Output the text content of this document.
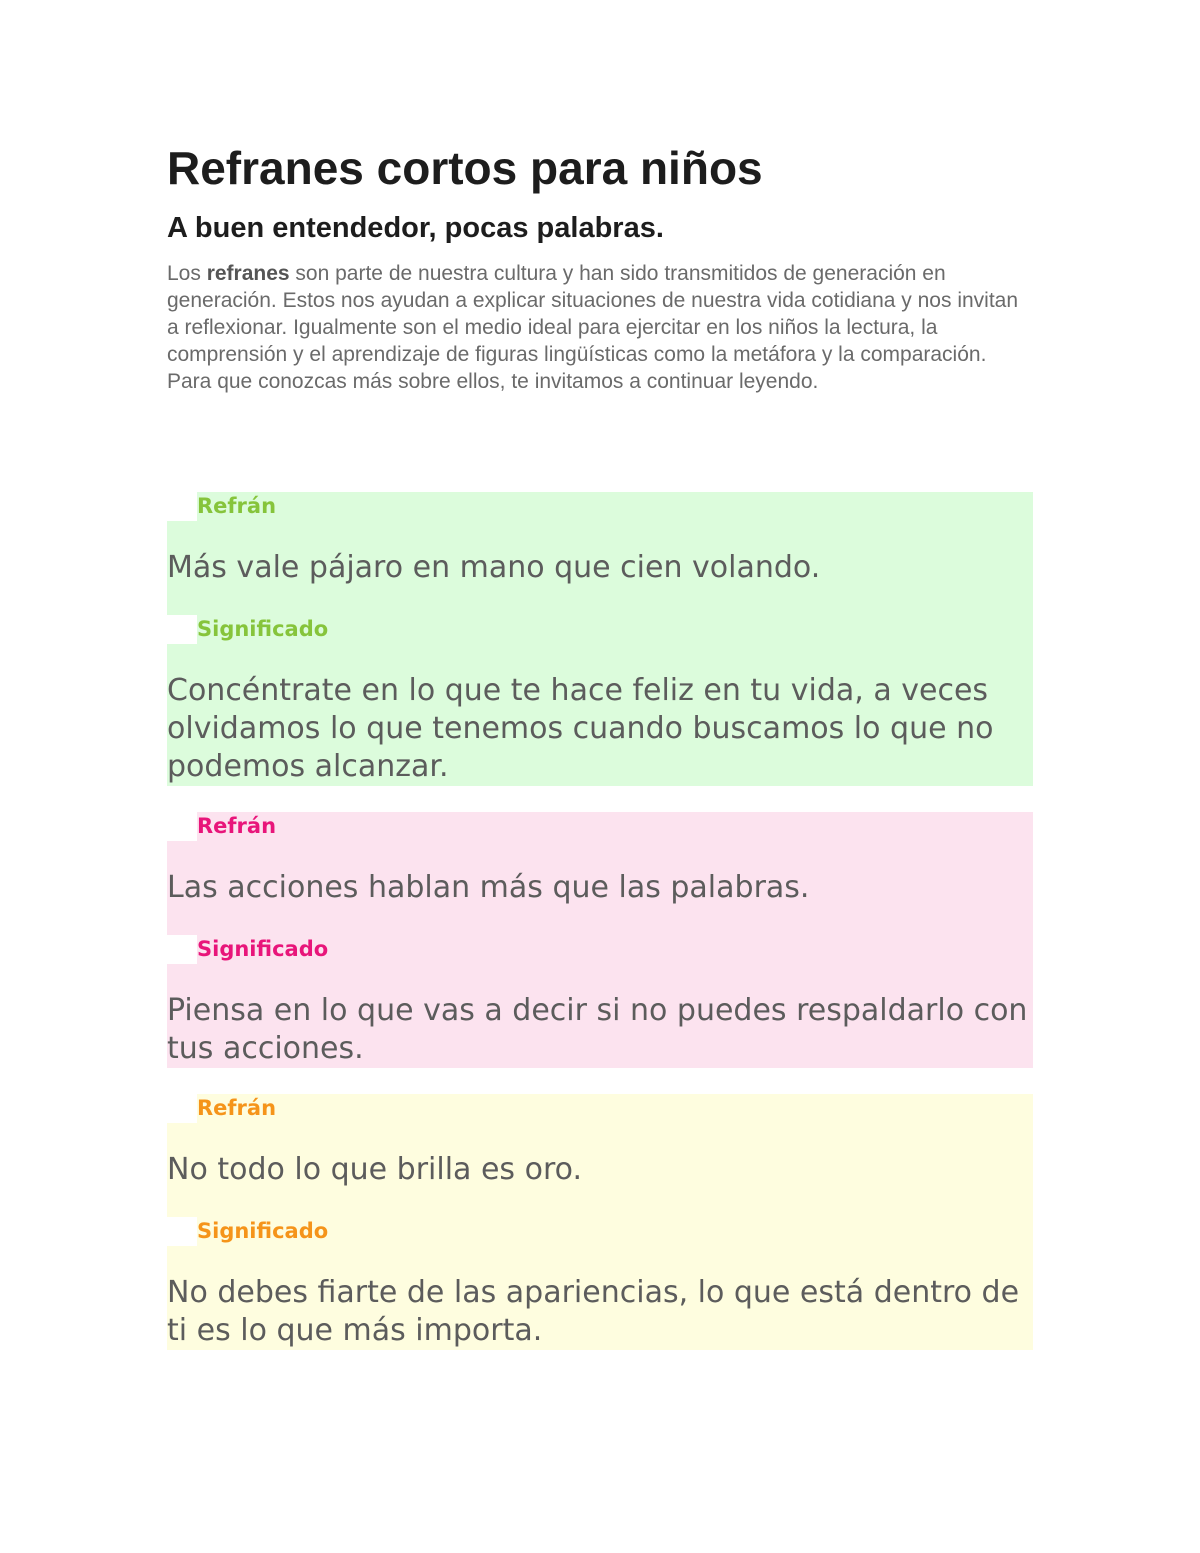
Refranes cortos para niños
A buen entendedor, pocas palabras.

Los refranes son parte de nuestra cultura y han sido transmitidos de generación en generación. Estos nos ayudan a explicar situaciones de nuestra vida cotidiana y nos invitan a reflexionar. Igualmente son el medio ideal para ejercitar en los niños la lectura, la comprensión y el aprendizaje de figuras lingüísticas como la metáfora y la comparación. Para que conozcas más sobre ellos, te invitamos a continuar leyendo.

Refrán
Más vale pájaro en mano que cien volando.
Significado
Concéntrate en lo que te hace feliz en tu vida, a veces olvidamos lo que tenemos cuando buscamos lo que no podemos alcanzar.
Refrán
Las acciones hablan más que las palabras.
Significado
Piensa en lo que vas a decir si no puedes respaldarlo con tus acciones.
Refrán
No todo lo que brilla es oro.
Significado
No debes fiarte de las apariencias, lo que está dentro de ti es lo que más importa.
